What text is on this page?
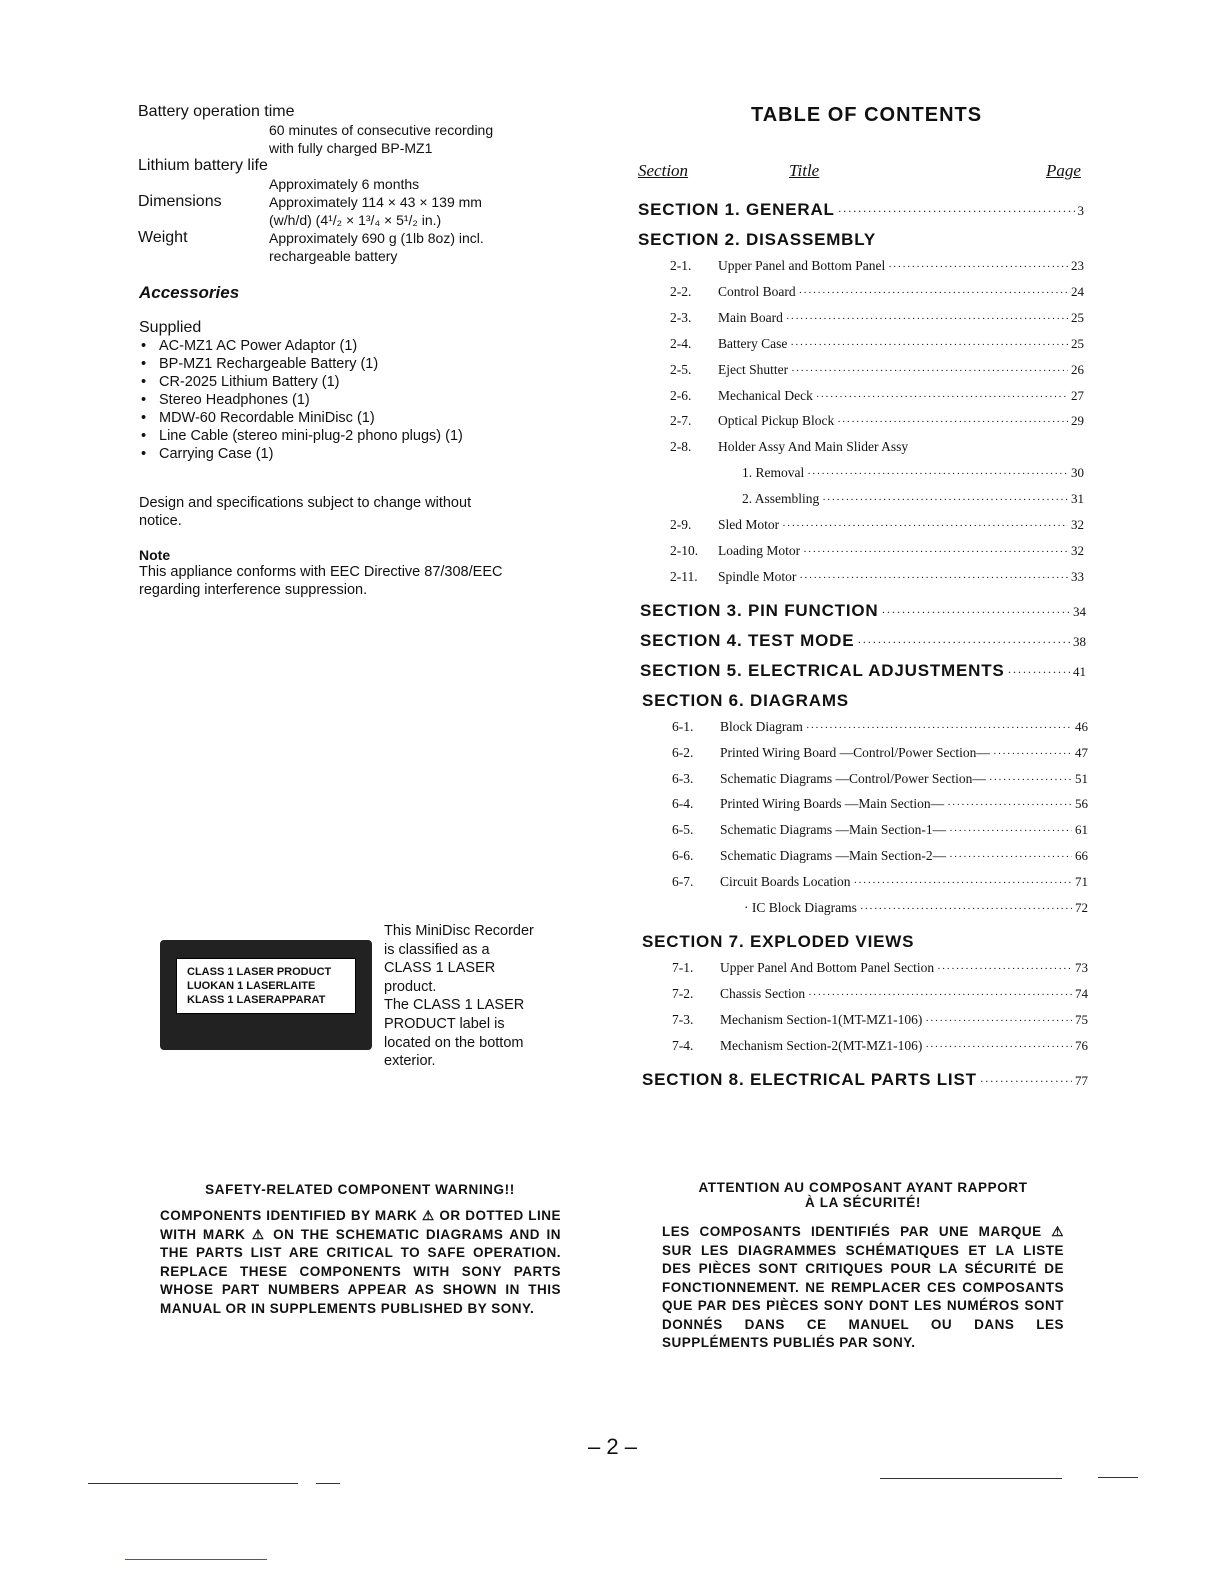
Battery operation time
60 minutes of consecutive recording
with fully charged BP-MZ1
Lithium battery life
Approximately 6 months
Dimensions	Approximately 114 × 43 × 139 mm
(w/h/d) (4¹/₂ × 1³/₄ × 5¹/₂ in.)
Weight	Approximately 690 g (1lb 8oz) incl.
rechargeable battery
Accessories
Supplied
• AC-MZ1 AC Power Adaptor (1)
• BP-MZ1 Rechargeable Battery (1)
• CR-2025 Lithium Battery (1)
• Stereo Headphones (1)
• MDW-60 Recordable MiniDisc (1)
• Line Cable (stereo mini-plug-2 phono plugs) (1)
• Carrying Case (1)
Design and specifications subject to change without
notice.
Note
This appliance conforms with EEC Directive 87/308/EEC
regarding interference suppression.
CLASS 1 LASER PRODUCT
LUOKAN 1 LASERLAITE
KLASS 1 LASERAPPARAT
This MiniDisc Recorder
is classified as a
CLASS 1 LASER
product.
The CLASS 1 LASER
PRODUCT label is
located on the bottom
exterior.
TABLE OF CONTENTS
Section	Title	Page
SECTION 1. GENERAL ·····	3
SECTION 2. DISASSEMBLY
2-1.	Upper Panel and Bottom Panel ·····	23
2-2.	Control Board ·····	24
2-3.	Main Board ·····	25
2-4.	Battery Case ·····	25
2-5.	Eject Shutter ·····	26
2-6.	Mechanical Deck ·····	27
2-7.	Optical Pickup Block ·····	29
2-8.	Holder Assy And Main Slider Assy
1. Removal ·····	30
2. Assembling ·····	31
2-9.	Sled Motor ·····	32
2-10.	Loading Motor ·····	32
2-11.	Spindle Motor ·····	33
SECTION 3. PIN FUNCTION ·····	34
SECTION 4. TEST MODE ·····	38
SECTION 5. ELECTRICAL ADJUSTMENTS ·····	41
SECTION 6. DIAGRAMS
6-1.	Block Diagram ·····	46
6-2.	Printed Wiring Board —Control/Power Section— ·····	47
6-3.	Schematic Diagrams —Control/Power Section— ·····	51
6-4.	Printed Wiring Boards —Main Section— ·····	56
6-5.	Schematic Diagrams —Main Section-1— ·····	61
6-6.	Schematic Diagrams —Main Section-2— ·····	66
6-7.	Circuit Boards Location ·····	71
· IC Block Diagrams ·····	72
SECTION 7. EXPLODED VIEWS
7-1.	Upper Panel And Bottom Panel Section ·····	73
7-2.	Chassis Section ·····	74
7-3.	Mechanism Section-1(MT-MZ1-106) ·····	75
7-4.	Mechanism Section-2(MT-MZ1-106) ·····	76
SECTION 8. ELECTRICAL PARTS LIST ·····	77
SAFETY-RELATED COMPONENT WARNING!!
COMPONENTS IDENTIFIED BY MARK ⚠ OR DOTTED LINE WITH MARK ⚠ ON THE SCHEMATIC DIAGRAMS AND IN THE PARTS LIST ARE CRITICAL TO SAFE OPERATION. REPLACE THESE COMPONENTS WITH SONY PARTS WHOSE PART NUMBERS APPEAR AS SHOWN IN THIS MANUAL OR IN SUPPLEMENTS PUBLISHED BY SONY.
ATTENTION AU COMPOSANT AYANT RAPPORT
À LA SÉCURITÉ!
LES COMPOSANTS IDENTIFIÉS PAR UNE MARQUE ⚠ SUR LES DIAGRAMMES SCHÉMATIQUES ET LA LISTE DES PIÈCES SONT CRITIQUES POUR LA SÉCURITÉ DE FONCTIONNEMENT. NE REMPLACER CES COMPOSANTS QUE PAR DES PIÈCES SONY DONT LES NUMÉROS SONT DONNÉS DANS CE MANUEL OU DANS LES SUPPLÉMENTS PUBLIÉS PAR SONY.
– 2 –
